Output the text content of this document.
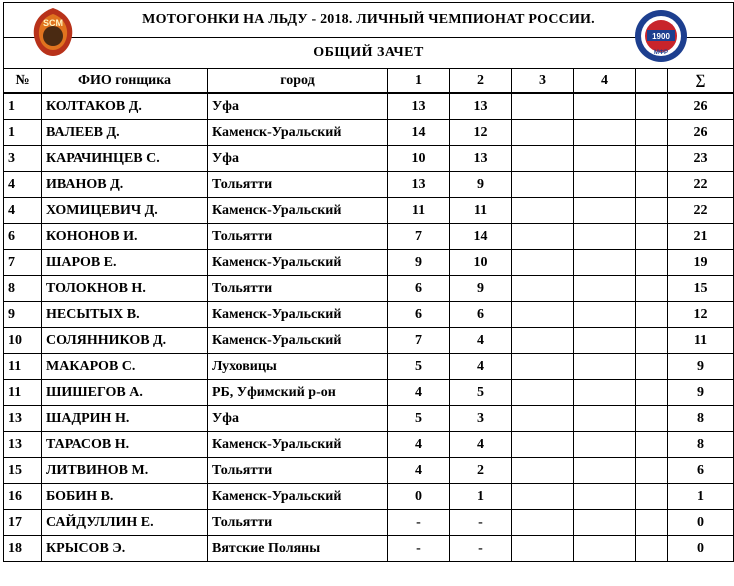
МОТОГОНКИ НА ЛЬДУ - 2018. ЛИЧНЫЙ ЧЕМПИОНАТ РОССИИ.								
ОБЩИЙ ЗАЧЕТ								
№	ФИО гонщика	город	1	2	3	4		∑

1	КОЛТАКОВ Д.	Уфа	13	13				26
1	ВАЛЕЕВ Д.	Каменск-Уральский	14	12				26
3	КАРАЧИНЦЕВ С.	Уфа	10	13				23
4	ИВАНОВ Д.	Тольятти	13	9				22
4	ХОМИЦЕВИЧ Д.	Каменск-Уральский	11	11				22
6	КОНОНОВ И.	Тольятти	7	14				21
7	ШАРОВ Е.	Каменск-Уральский	9	10				19
8	ТОЛОКНОВ Н.	Тольятти	6	9				15
9	НЕСЫТЫХ В.	Каменск-Уральский	6	6				12
10	СОЛЯННИКОВ Д.	Каменск-Уральский	7	4				11
11	МАКАРОВ С.	Луховицы	5	4				9
11	ШИШЕГОВ А.	РБ, Уфимский р-он	4	5				9
13	ШАДРИН Н.	Уфа	5	3				8
13	ТАРАСОВ Н.	Каменск-Уральский	4	4				8
15	ЛИТВИНОВ М.	Тольятти	4	2				6
16	БОБИН В.	Каменск-Уральский	0	1				1
17	САЙДУЛЛИН Е.	Тольятти	-	-				0
18	КРЫСОВ Э.	Вятские Поляны	-	-				0
SCM
1900
МФР
